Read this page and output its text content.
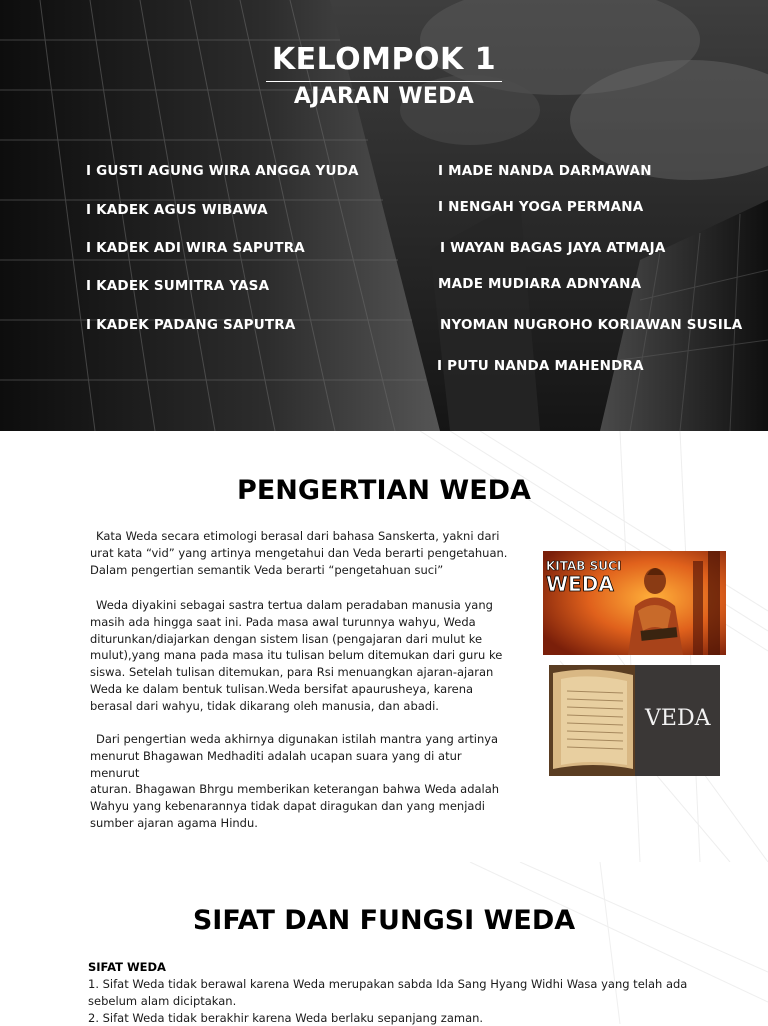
KELOMPOK 1
AJARAN WEDA
I GUSTI AGUNG WIRA ANGGA YUDA
I KADEK AGUS WIBAWA
I KADEK ADI WIRA SAPUTRA
I KADEK SUMITRA YASA
I KADEK PADANG SAPUTRA
I MADE NANDA DARMAWAN
I NENGAH YOGA PERMANA
I WAYAN BAGAS JAYA ATMAJA
MADE MUDIARA ADNYANA
NYOMAN NUGROHO KORIAWAN SUSILA
I PUTU NANDA MAHENDRA
PENGERTIAN WEDA

Kata Weda secara etimologi berasal dari bahasa Sanskerta, yakni dari

urat kata “vid” yang artinya mengetahui dan Veda berarti pengetahuan.
Dalam pengertian semantik Veda berarti “pengetahuan suci”

Weda diyakini sebagai sastra tertua dalam peradaban manusia yang

masih ada hingga saat ini. Pada masa awal turunnya wahyu, Weda
diturunkan/diajarkan dengan sistem lisan (pengajaran dari mulut ke
mulut),yang mana pada masa itu tulisan belum ditemukan dari guru ke
siswa. Setelah tulisan ditemukan, para Rsi menuangkan ajaran-ajaran
Weda ke dalam bentuk tulisan.Weda bersifat apaurusheya, karena
berasal dari wahyu, tidak dikarang oleh manusia, dan abadi.

Dari pengertian weda akhirnya digunakan istilah mantra yang artinya

menurut Bhagawan Medhaditi adalah ucapan suara yang di atur menurut
aturan. Bhagawan Bhrgu memberikan keterangan bahwa Weda adalah
Wahyu yang kebenarannya tidak dapat diragukan dan yang menjadi
sumber ajaran agama Hindu.
KITAB SUCI
WEDA
VEDA
SIFAT DAN FUNGSI WEDA
SIFAT WEDA
1. Sifat Weda tidak berawal karena Weda merupakan sabda Ida Sang Hyang Widhi Wasa yang telah ada
sebelum alam diciptakan.
2. Sifat Weda tidak berakhir karena Weda berlaku sepanjang zaman.
